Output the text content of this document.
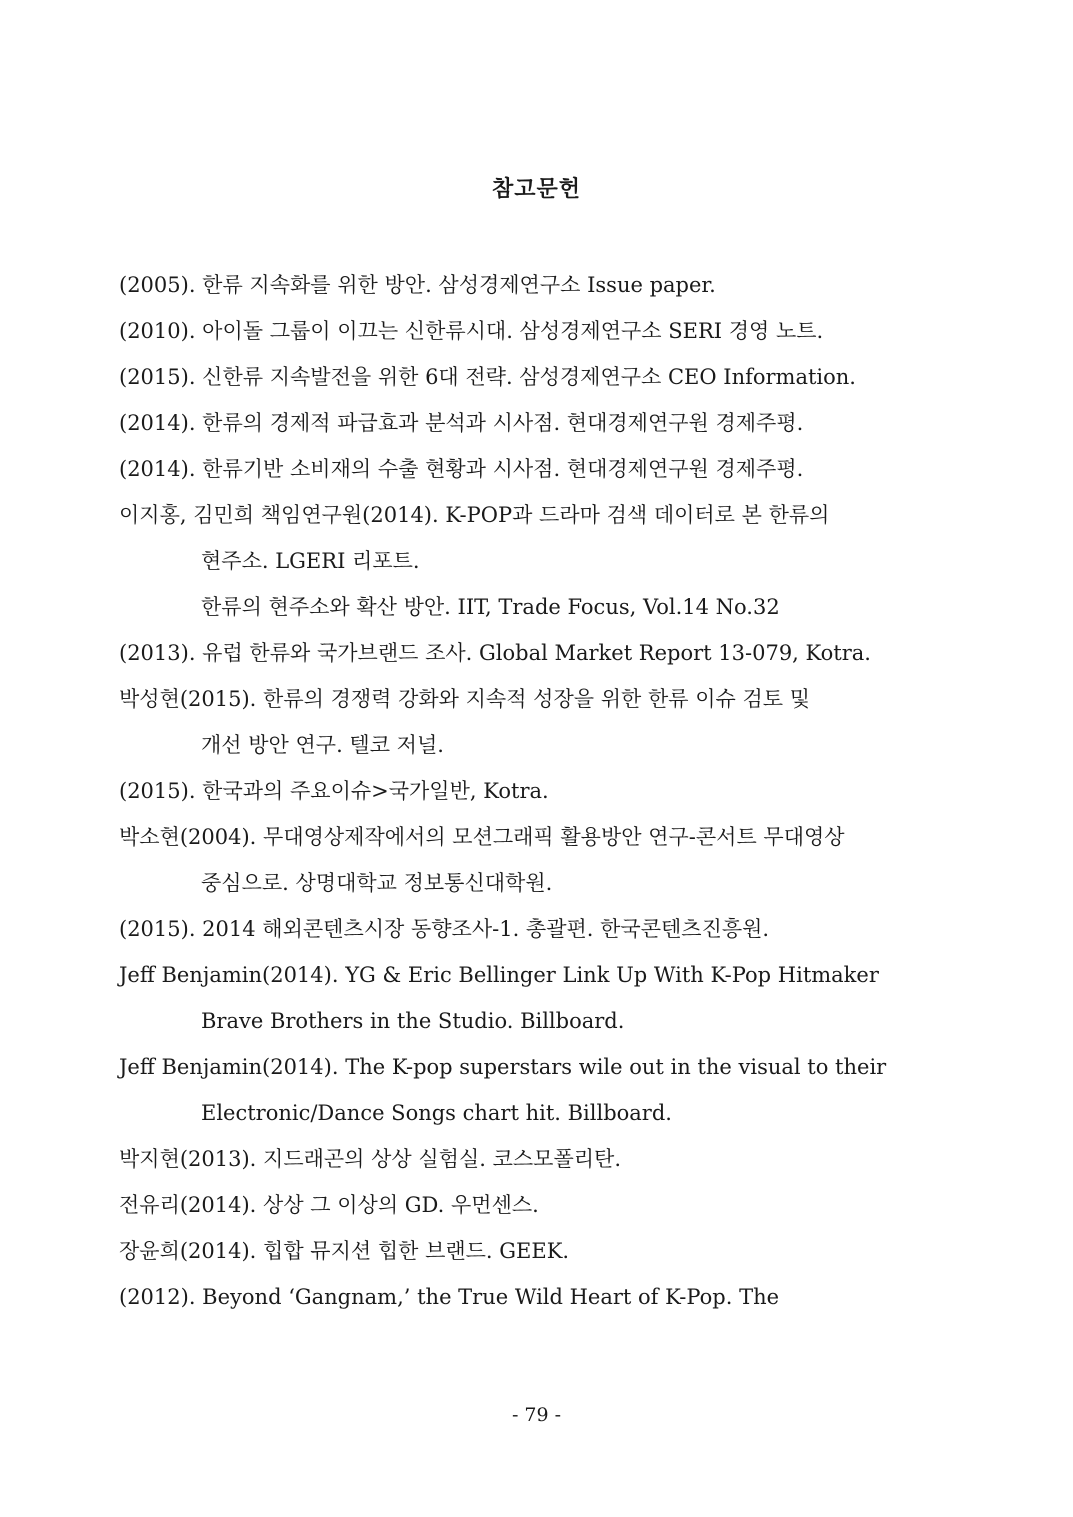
참고문헌
(2005). 한류 지속화를 위한 방안. 삼성경제연구소 Issue paper.
(2010). 아이돌 그룹이 이끄는 신한류시대. 삼성경제연구소 SERI 경영 노트.
(2015). 신한류 지속발전을 위한 6대 전략. 삼성경제연구소 CEO Information.
(2014). 한류의 경제적 파급효과 분석과 시사점. 현대경제연구원 경제주평.
(2014). 한류기반 소비재의 수출 현황과 시사점. 현대경제연구원 경제주평.
이지홍, 김민희 책임연구원(2014). K-POP과 드라마 검색 데이터로 본 한류의
현주소. LGERI 리포트.
한류의 현주소와 확산 방안. IIT, Trade Focus, Vol.14 No.32
(2013). 유럽 한류와 국가브랜드 조사. Global Market Report 13-079, Kotra.
박성현(2015). 한류의 경쟁력 강화와 지속적 성장을 위한 한류 이슈 검토 및
개선 방안 연구. 텔코 저널.
(2015). 한국과의 주요이슈>국가일반, Kotra.
박소현(2004). 무대영상제작에서의 모션그래픽 활용방안 연구-콘서트 무대영상
중심으로. 상명대학교 정보통신대학원.
(2015). 2014 해외콘텐츠시장 동향조사-1. 총괄편. 한국콘텐츠진흥원.
Jeff Benjamin(2014). YG & Eric Bellinger Link Up With K-Pop Hitmaker
Brave Brothers in the Studio. Billboard.
Jeff Benjamin(2014). The K-pop superstars wile out in the visual to their
Electronic/Dance Songs chart hit. Billboard.
박지현(2013). 지드래곤의 상상 실험실. 코스모폴리탄.
전유리(2014). 상상 그 이상의 GD. 우먼센스.
장윤희(2014). 힙합 뮤지션 힙한 브랜드. GEEK.
(2012). Beyond ‘Gangnam,’ the True Wild Heart of K-Pop. The
- 79 -
